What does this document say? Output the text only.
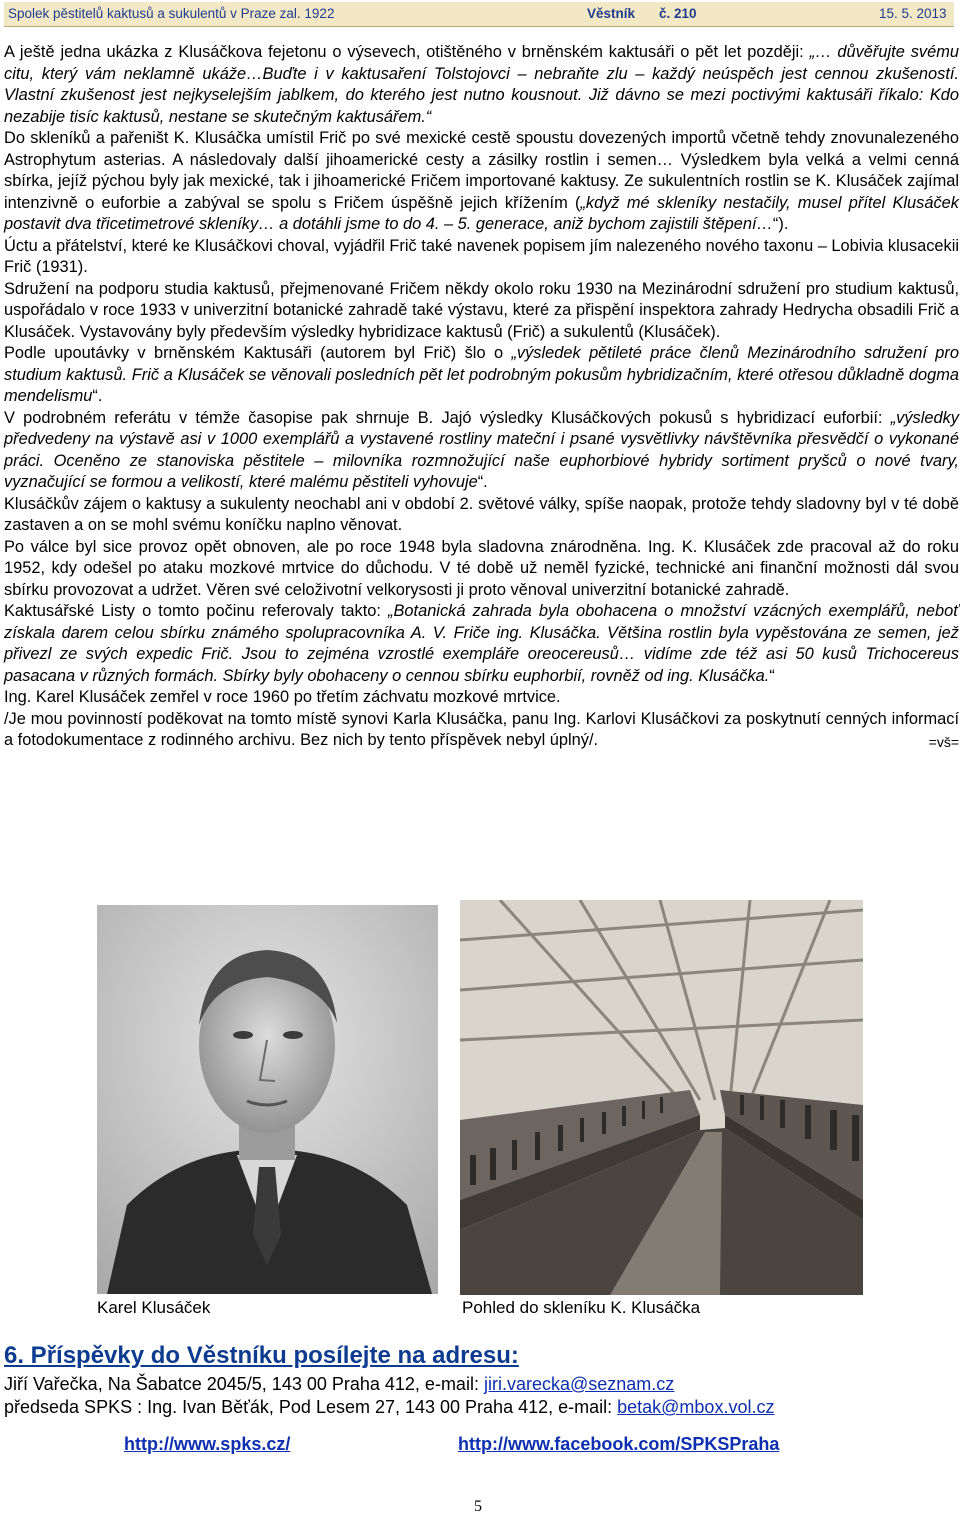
Spolek pěstitelů kaktusů a sukulentů v Praze zal. 1922	Věstník č. 210	15. 5. 2013

A ještě jedna ukázka z Klusáčkova fejetonu o výsevech, otištěného v brněnském kaktusáři o pět let později: „… důvěřujte svému citu, který vám neklamně ukáže…Buďte i v kaktusaření Tolstojovci – nebraňte zlu – každý neúspěch jest cennou zkušeností. Vlastní zkušenost jest nejkyselejším jablkem, do kterého jest nutno kousnout. Již dávno se mezi poctivými kaktusáři říkalo: Kdo nezabije tisíc kaktusů, nestane se skutečným kaktusářem.“

Do skleníků a pařeništ K. Klusáčka umístil Frič po své mexické cestě spoustu dovezených importů včetně tehdy znovunalezeného Astrophytum asterias. A následovaly další jihoamerické cesty a zásilky rostlin i semen… Výsledkem byla velká a velmi cenná sbírka, jejíž pýchou byly jak mexické, tak i jihoamerické Fričem importované kaktusy. Ze sukulentních rostlin se K. Klusáček zajímal intenzivně o euforbie a zabýval se spolu s Fričem úspěšně jejich křížením („když mé skleníky nestačily, musel přítel Klusáček postavit dva třicetimetrové skleníky… a dotáhli jsme to do 4. – 5. generace, aniž bychom zajistili štěpení…“).

Úctu a přátelství, které ke Klusáčkovi choval, vyjádřil Frič také navenek popisem jím nalezeného nového taxonu – Lobivia klusacekii Frič (1931).

Sdružení na podporu studia kaktusů, přejmenované Fričem někdy okolo roku 1930 na Mezinárodní sdružení pro studium kaktusů, uspořádalo v roce 1933 v univerzitní botanické zahradě také výstavu, které za přispění inspektora zahrady Hedrycha obsadili Frič a Klusáček. Vystavovány byly především výsledky hybridizace kaktusů (Frič) a sukulentů (Klusáček).

Podle upoutávky v brněnském Kaktusáři (autorem byl Frič) šlo o „výsledek pětileté práce členů Mezinárodního sdružení pro studium kaktusů. Frič a Klusáček se věnovali posledních pět let podrobným pokusům hybridizačním, které otřesou důkladně dogma mendelismu“.

V podrobném referátu v témže časopise pak shrnuje B. Jajó výsledky Klusáčkových pokusů s hybridizací euforbií: „výsledky předvedeny na výstavě asi v 1000 exemplářů a vystavené rostliny mateční i psané vysvětlivky návštěvníka přesvědčí o vykonané práci. Oceněno ze stanoviska pěstitele – milovníka rozmnožující naše euphorbiové hybridy sortiment pryšců o nové tvary, vyznačující se formou a velikostí, které malému pěstiteli vyhovuje“.

Klusáčkův zájem o kaktusy a sukulenty neochabl ani v období 2. světové války, spíše naopak, protože tehdy sladovny byl v té době zastaven a on se mohl svému koníčku naplno věnovat.

Po válce byl sice provoz opět obnoven, ale po roce 1948 byla sladovna znárodněna. Ing. K. Klusáček zde pracoval až do roku 1952, kdy odešel po ataku mozkové mrtvice do důchodu. V té době už neměl fyzické, technické ani finanční možnosti dál svou sbírku provozovat a udržet. Věren své celoživotní velkorysosti ji proto věnoval univerzitní botanické zahradě.

Kaktusářské Listy o tomto počinu referovaly takto: „Botanická zahrada byla obohacena o množství vzácných exemplářů, neboť získala darem celou sbírku známého spolupracovníka A. V. Friče ing. Klusáčka. Většina rostlin byla vypěstována ze semen, jež přivezl ze svých expedic Frič. Jsou to zejména vzrostlé exempláře oreocereusů… vidíme zde též asi 50 kusů Trichocereus pasacana v různých formách. Sbírky byly obohaceny o cennou sbírku euphorbií, rovněž od ing. Klusáčka.“

Ing. Karel Klusáček zemřel v roce 1960 po třetím záchvatu mozkové mrtvice.

/Je mou povinností poděkovat na tomto místě synovi Karla Klusáčka, panu Ing. Karlovi Klusáčkovi za poskytnutí cenných informací a fotodokumentace z rodinného archivu. Bez nich by tento příspěvek nebyl úplný/.	=vš=

Karel Klusáček	Pohled do skleníku K. Klusáčka
6. Příspěvky do Věstníku posílejte na adresu:
Jiří Vařečka, Na Šabatce 2045/5, 143 00 Praha 412, e-mail: jiri.varecka@seznam.cz
předseda SPKS : Ing. Ivan Běťák, Pod Lesem 27, 143 00 Praha 412, e-mail: betak@mbox.vol.cz
http://www.spks.cz/	http://www.facebook.com/SPKSPraha
5
